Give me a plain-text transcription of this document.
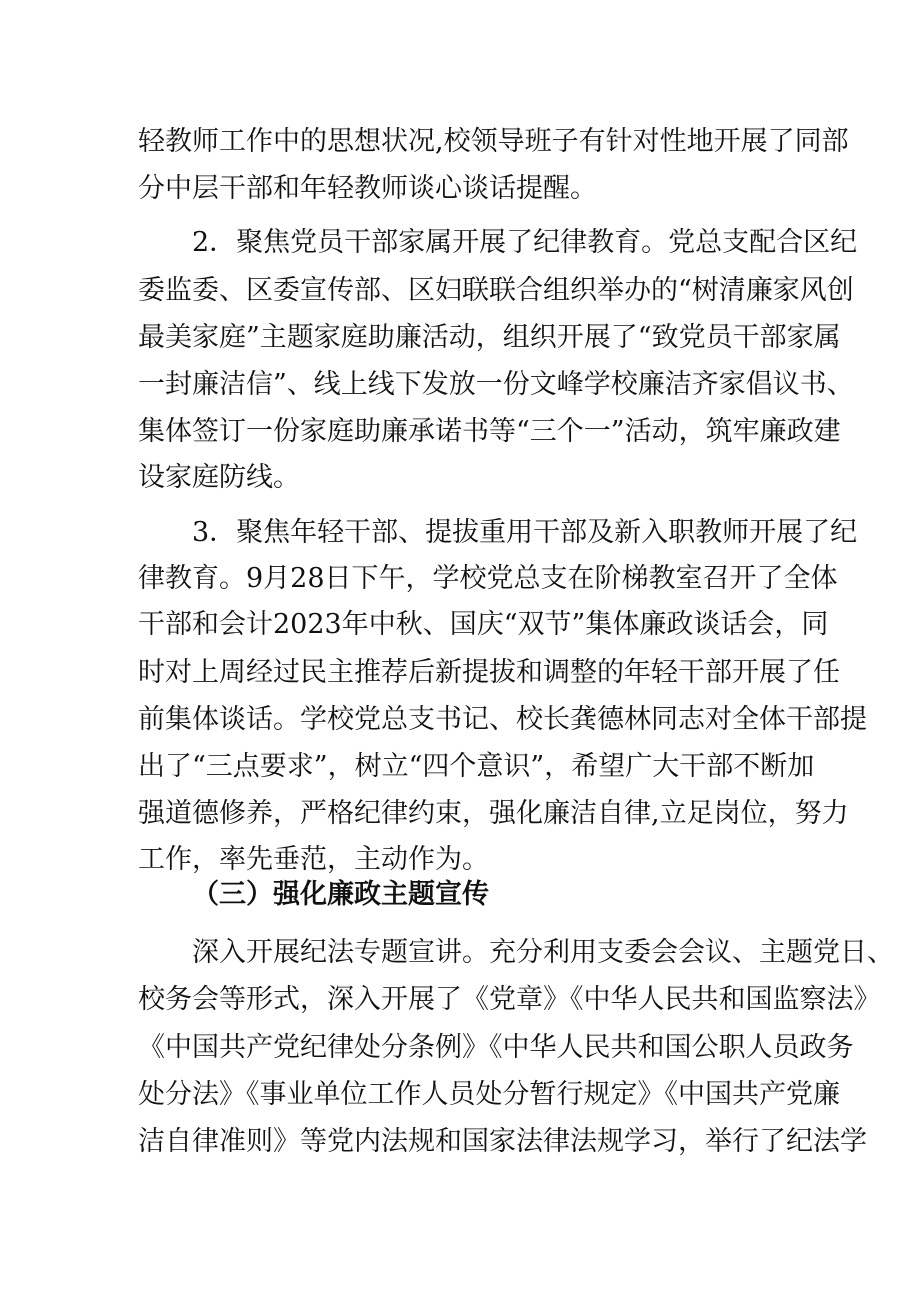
轻教师工作中的思想状况,校领导班子有针对性地开展了同部
分中层干部和年轻教师谈心谈话提醒。
2．聚焦党员干部家属开展了纪律教育。党总支配合区纪
委监委、区委宣传部、区妇联联合组织举办的“树清廉家风创
最美家庭”主题家庭助廉活动，组织开展了“致党员干部家属
一封廉洁信”、线上线下发放一份文峰学校廉洁齐家倡议书、
集体签订一份家庭助廉承诺书等“三个一”活动，筑牢廉政建
设家庭防线。
3．聚焦年轻干部、提拔重用干部及新入职教师开展了纪
律教育。9月28日下午，学校党总支在阶梯教室召开了全体
干部和会计2023年中秋、国庆“双节”集体廉政谈话会，同
时对上周经过民主推荐后新提拔和调整的年轻干部开展了任
前集体谈话。学校党总支书记、校长龚德林同志对全体干部提
出了“三点要求”，树立“四个意识”，希望广大干部不断加
强道德修养，严格纪律约束，强化廉洁自律,立足岗位，努力
工作，率先垂范，主动作为。
（三）强化廉政主题宣传
深入开展纪法专题宣讲。充分利用支委会会议、主题党日、
校务会等形式，深入开展了《党章》《中华人民共和国监察法》
《中国共产党纪律处分条例》《中华人民共和国公职人员政务
处分法》《事业单位工作人员处分暂行规定》《中国共产党廉
洁自律准则》等党内法规和国家法律法规学习，举行了纪法学
